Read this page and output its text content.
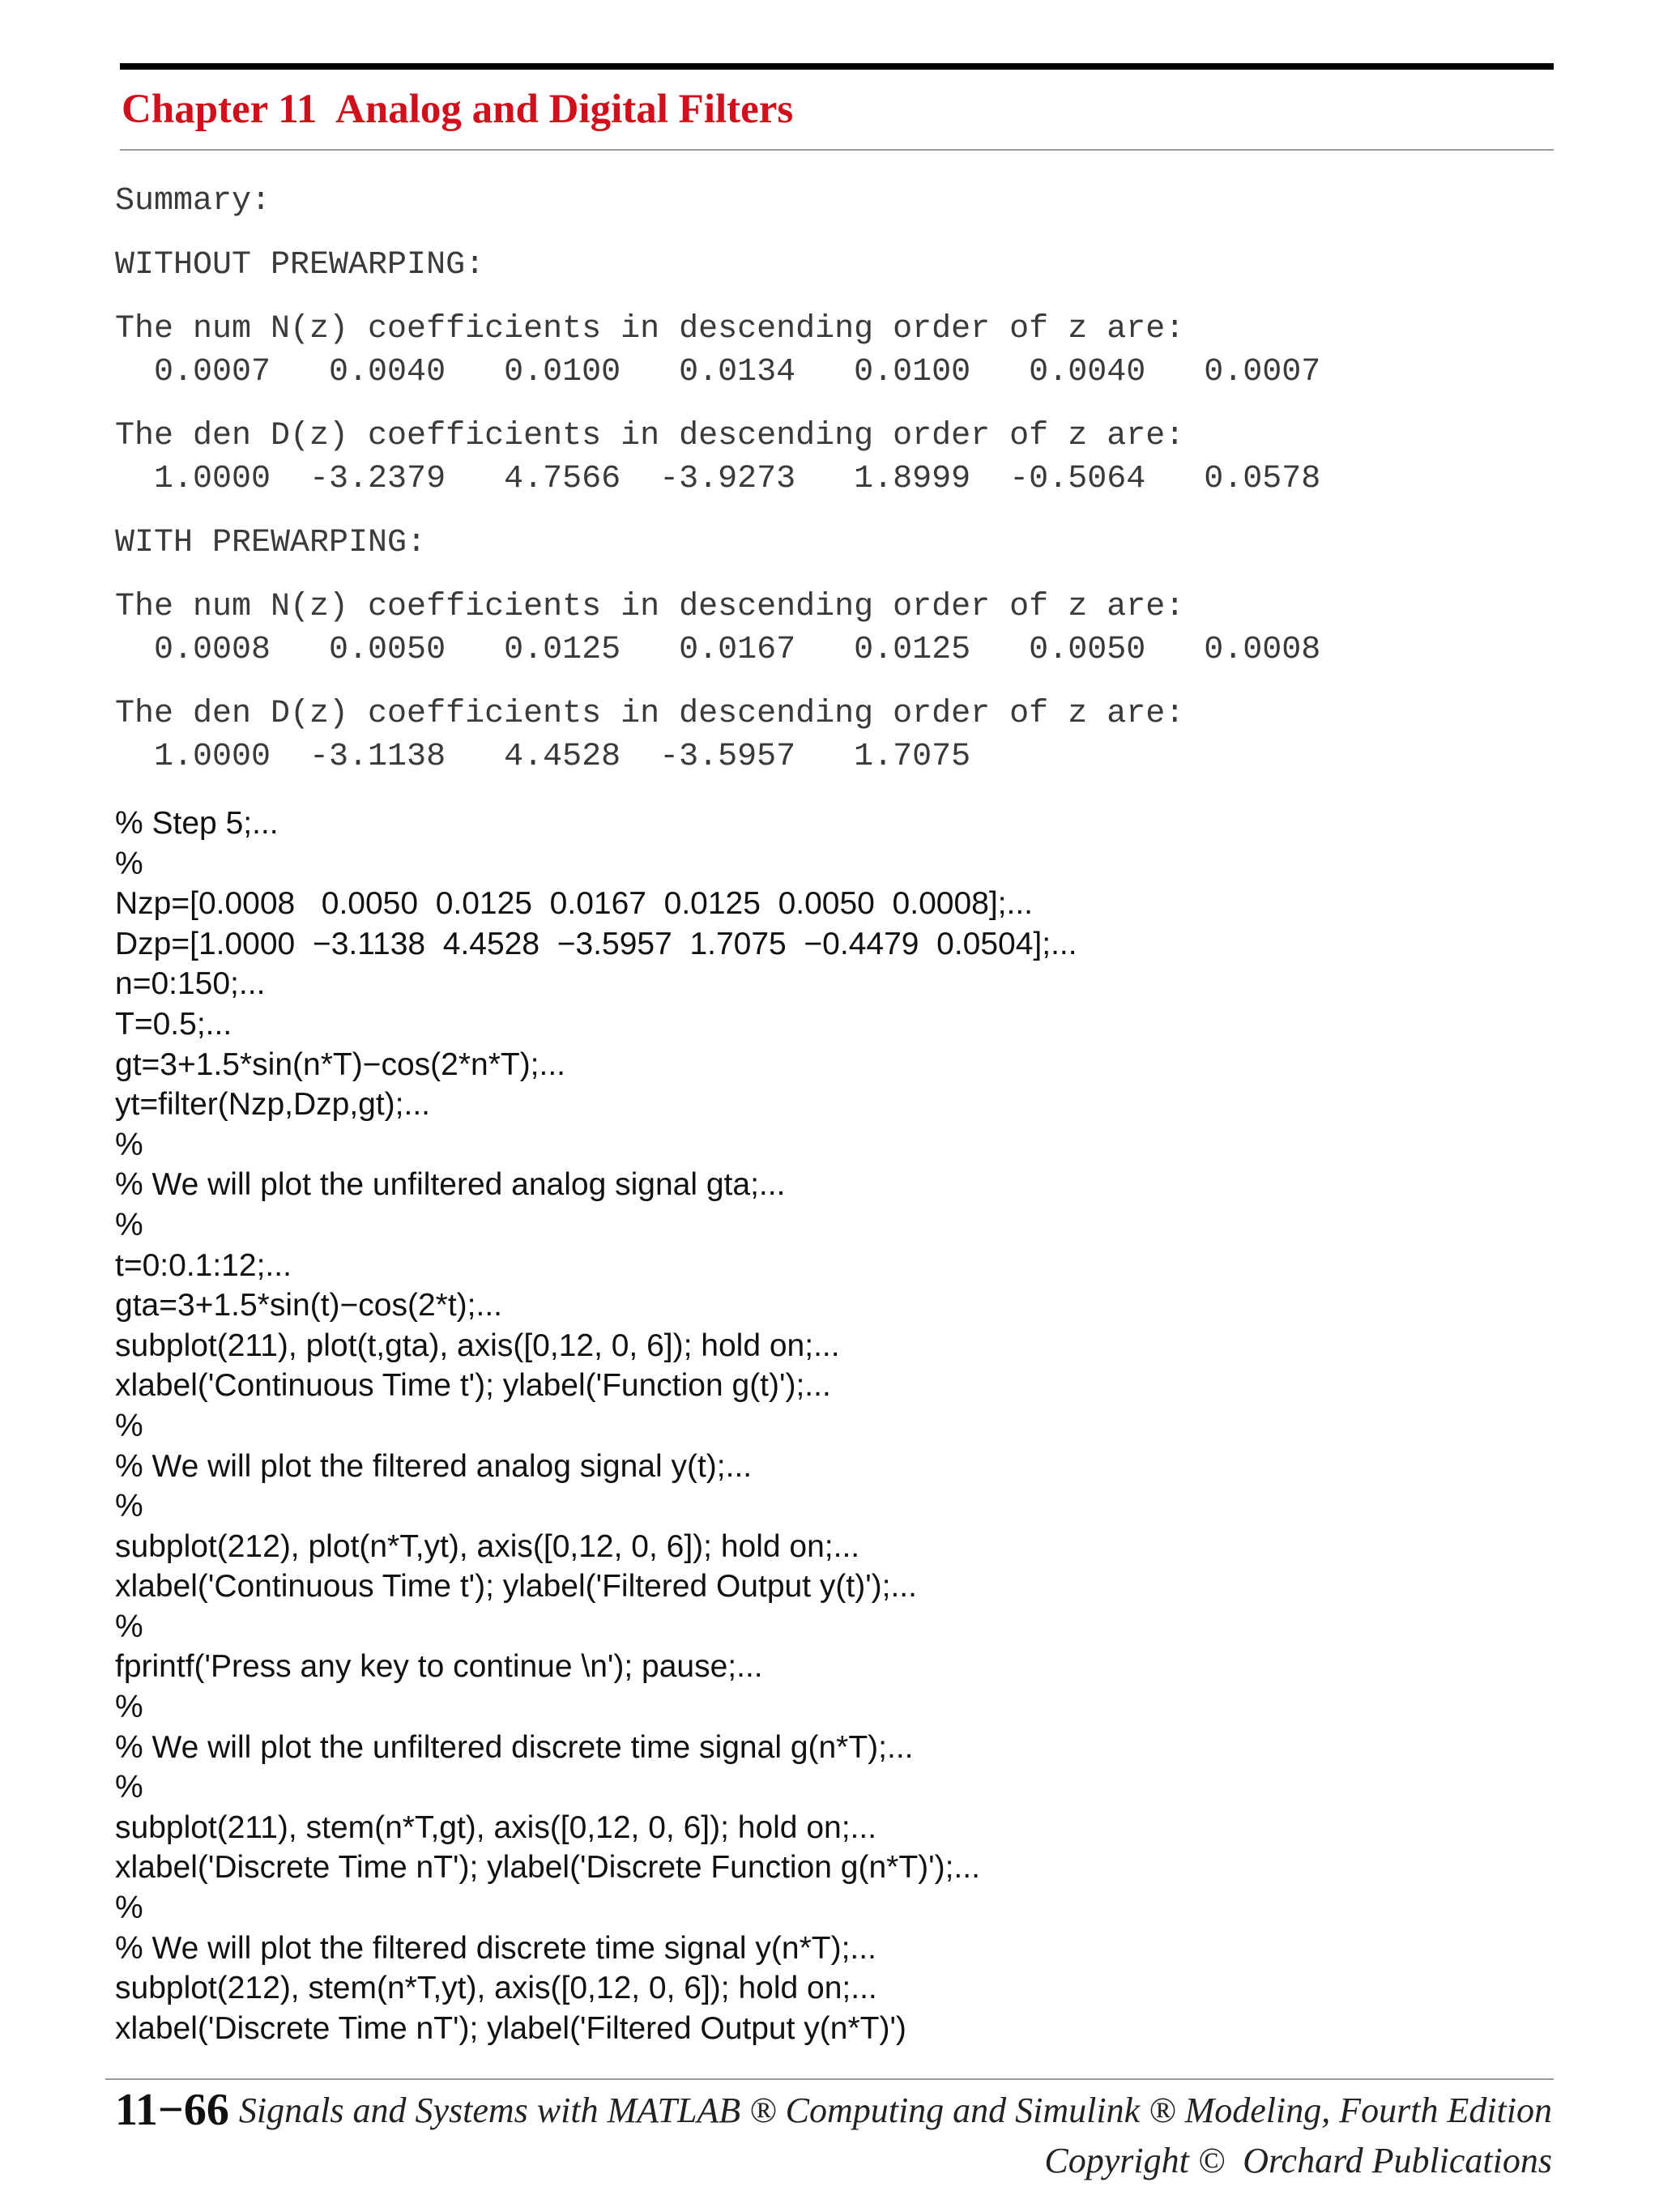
Chapter 11  Analog and Digital Filters
Summary:
WITHOUT PREWARPING:
The num N(z) coefficients in descending order of z are:
0.0007   0.0040   0.0100   0.0134   0.0100   0.0040   0.0007
The den D(z) coefficients in descending order of z are:
1.0000  -3.2379   4.7566  -3.9273   1.8999  -0.5064   0.0578
WITH PREWARPING:
The num N(z) coefficients in descending order of z are:
0.0008   0.0050   0.0125   0.0167   0.0125   0.0050   0.0008
The den D(z) coefficients in descending order of z are:
1.0000  -3.1138   4.4528  -3.5957   1.7075
% Step 5;...
%
Nzp=[0.0008   0.0050  0.0125  0.0167  0.0125  0.0050  0.0008];...
Dzp=[1.0000  −3.1138  4.4528  −3.5957  1.7075  −0.4479  0.0504];...
n=0:150;...
T=0.5;...
gt=3+1.5*sin(n*T)−cos(2*n*T);...
yt=filter(Nzp,Dzp,gt);...
%
% We will plot the unfiltered analog signal gta;...
%
t=0:0.1:12;...
gta=3+1.5*sin(t)−cos(2*t);...
subplot(211), plot(t,gta), axis([0,12, 0, 6]); hold on;...
xlabel('Continuous Time t'); ylabel('Function g(t)');...
%
% We will plot the filtered analog signal y(t);...
%
subplot(212), plot(n*T,yt), axis([0,12, 0, 6]); hold on;...
xlabel('Continuous Time t'); ylabel('Filtered Output y(t)');...
%
fprintf('Press any key to continue \n'); pause;...
%
% We will plot the unfiltered discrete time signal g(n*T);...
%
subplot(211), stem(n*T,gt), axis([0,12, 0, 6]); hold on;...
xlabel('Discrete Time nT'); ylabel('Discrete Function g(n*T)');...
%
% We will plot the filtered discrete time signal y(n*T);...
subplot(212), stem(n*T,yt), axis([0,12, 0, 6]); hold on;...
xlabel('Discrete Time nT'); ylabel('Filtered Output y(n*T)')
11−66 Signals and Systems with MATLAB ® Computing and Simulink ® Modeling, Fourth Edition
Copyright ©  Orchard Publications
